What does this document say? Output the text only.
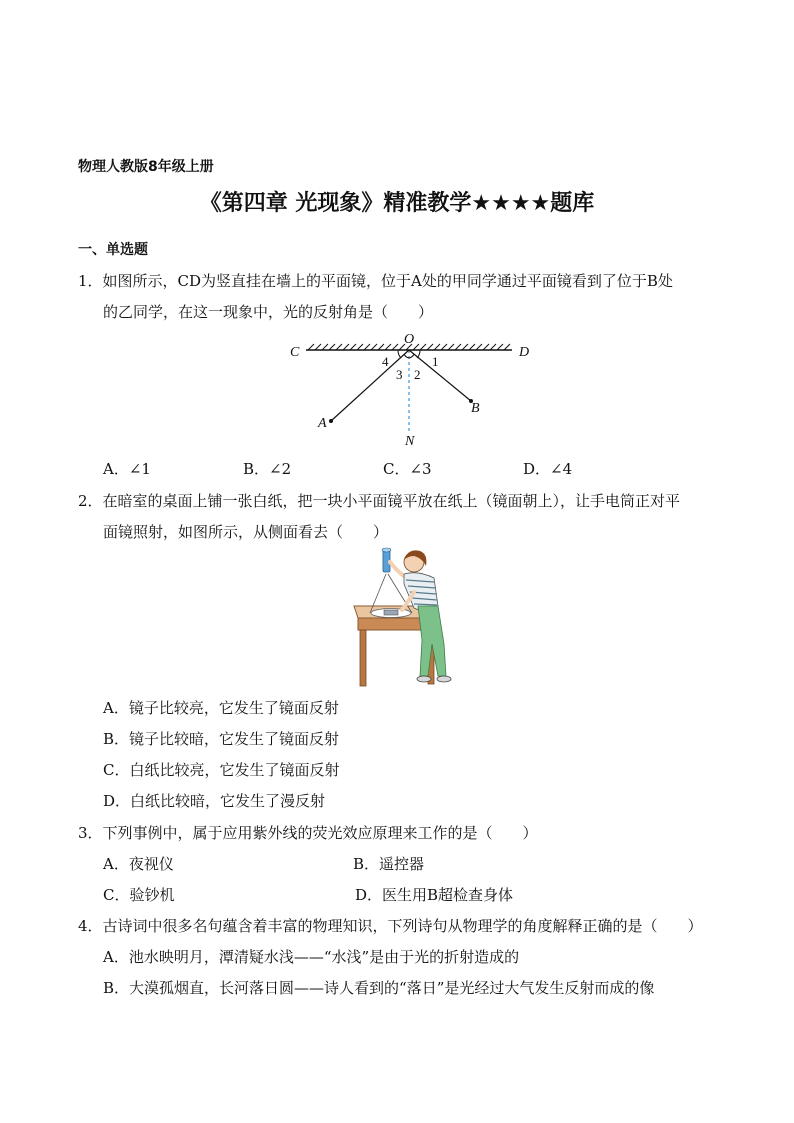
物理人教版8年级上册
《第四章 光现象》精准教学★★★★题库
一、单选题
1．如图所示，CD为竖直挂在墙上的平面镜，位于A处的甲同学通过平面镜看到了位于B处
的乙同学，在这一现象中，光的反射角是（　　）
C	D
O
A
B
N
1
2
3
4
A．∠1	B．∠2	C．∠3	D．∠4
2．在暗室的桌面上铺一张白纸，把一块小平面镜平放在纸上（镜面朝上），让手电筒正对平
面镜照射，如图所示，从侧面看去（　　）
A．镜子比较亮，它发生了镜面反射
B．镜子比较暗，它发生了镜面反射
C．白纸比较亮，它发生了镜面反射
D．白纸比较暗，它发生了漫反射
3．下列事例中，属于应用紫外线的荧光效应原理来工作的是（　　）
A．夜视仪	B．遥控器
C．验钞机	D．医生用B超检查身体
4．古诗词中很多名句蕴含着丰富的物理知识，下列诗句从物理学的角度解释正确的是（　　）
A．池水映明月，潭清疑水浅——“水浅”是由于光的折射造成的
B．大漠孤烟直，长河落日圆——诗人看到的“落日”是光经过大气发生反射而成的像
